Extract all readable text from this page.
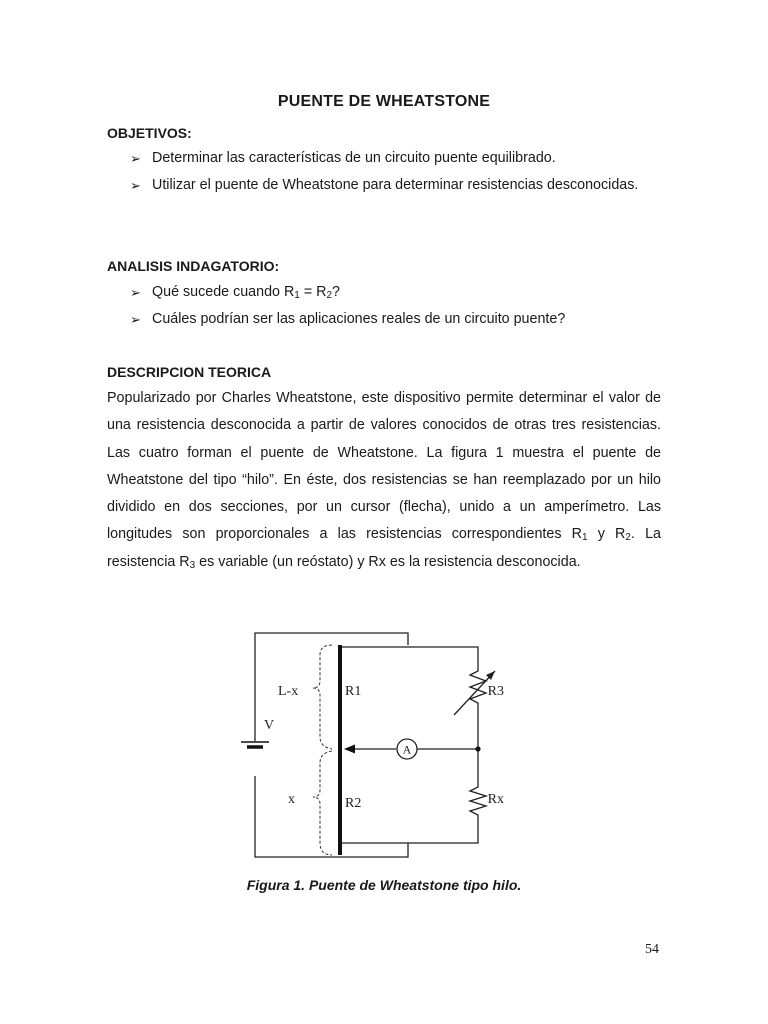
PUENTE DE WHEATSTONE
OBJETIVOS:
➢ Determinar las características de un circuito puente equilibrado.
➢ Utilizar el puente de Wheatstone para determinar resistencias desconocidas.
ANALISIS INDAGATORIO:
➢ Qué sucede cuando $R_1 = R_2$?
➢ Cuáles podrían ser las aplicaciones reales de un circuito puente?
DESCRIPCION TEORICA

Popularizado por Charles Wheatstone, este dispositivo permite determinar el valor de una resistencia desconocida a partir de valores conocidos de otras tres resistencias. Las cuatro forman el puente de Wheatstone. La figura 1 muestra el puente de Wheatstone del tipo “hilo”. En éste, dos resistencias se han reemplazado por un hilo dividido en dos secciones, por un cursor (flecha), unido a un amperímetro. Las longitudes son proporcionales a las resistencias correspondientes $R_1$ y $R_2$. La resistencia $R_3$ es variable (un reóstato) y Rx es la resistencia desconocida.

A
L-x
x
V
R1
R2
R3
Rx
Figura 1. Puente de Wheatstone tipo hilo.
54
